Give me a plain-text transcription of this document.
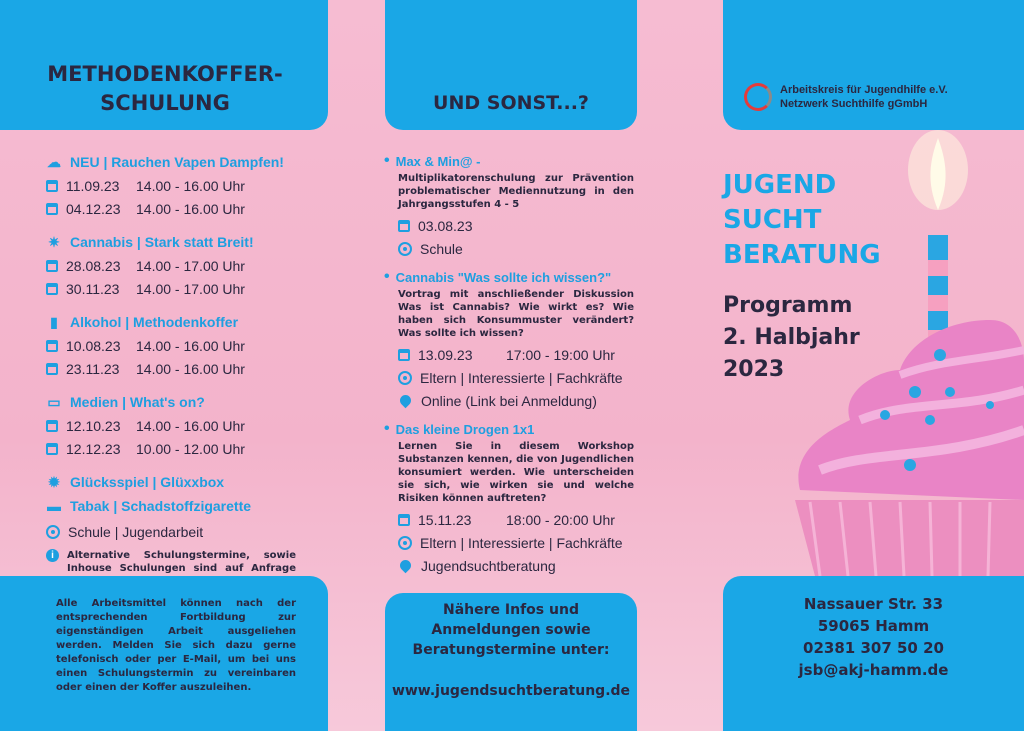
METHODENKOFFER-
SCHULUNG
☁ NEU | Rauchen Vapen Dampfen!
11.09.23	14.00 - 16.00 Uhr
04.12.23	14.00 - 16.00 Uhr
✷ Cannabis | Stark statt Breit!
28.08.23	14.00 - 17.00 Uhr
30.11.23	14.00 - 17.00 Uhr
▮ Alkohol | Methodenkoffer
10.08.23	14.00 - 16.00 Uhr
23.11.23	14.00 - 16.00 Uhr
▭ Medien | What's on?
12.10.23	14.00 - 16.00 Uhr
12.12.23	10.00 - 12.00 Uhr
✹ Glücksspiel | Glüxxbox
▬ Tabak | Schadstoffzigarette
Schule | Jugendarbeit
i	Alternative Schulungstermine, sowie Inhouse Schulungen sind auf Anfrage
Alle Arbeitsmittel können nach der entsprechenden Fortbildung zur eigenständigen Arbeit ausgeliehen werden. Melden Sie sich dazu gerne telefonisch oder per E-Mail, um bei uns einen Schulungstermin zu vereinbaren oder einen der Koffer auszuleihen.
UND SONST...?
• Max & Min@ -
Multiplikatorenschulung zur Prävention problematischer Mediennutzung in den Jahrgangsstufen 4 - 5
03.08.23
Schule
• Cannabis "Was sollte ich wissen?"
Vortrag mit anschließender Diskussion Was ist Cannabis? Wie wirkt es? Wie haben sich Konsummuster verändert? Was sollte ich wissen?
13.09.23	17:00 - 19:00 Uhr
Eltern | Interessierte | Fachkräfte
Online (Link bei Anmeldung)
• Das kleine Drogen 1x1
Lernen Sie in diesem Workshop Substanzen kennen, die von Jugendlichen konsumiert werden. Wie unterscheiden sie sich, wie wirken sie und welche Risiken können auftreten?
15.11.23	18:00 - 20:00 Uhr
Eltern | Interessierte | Fachkräfte
Jugendsuchtberatung
Nähere Infos und Anmeldungen sowie Beratungstermine unter:
www.jugendsuchtberatung.de
Arbeitskreis für Jugendhilfe e.V.
Netzwerk Suchthilfe gGmbH
JUGEND
SUCHT
BERATUNG
Programm
2. Halbjahr
2023
Nassauer Str. 33
59065 Hamm
02381 307 50 20
jsb@akj-hamm.de
